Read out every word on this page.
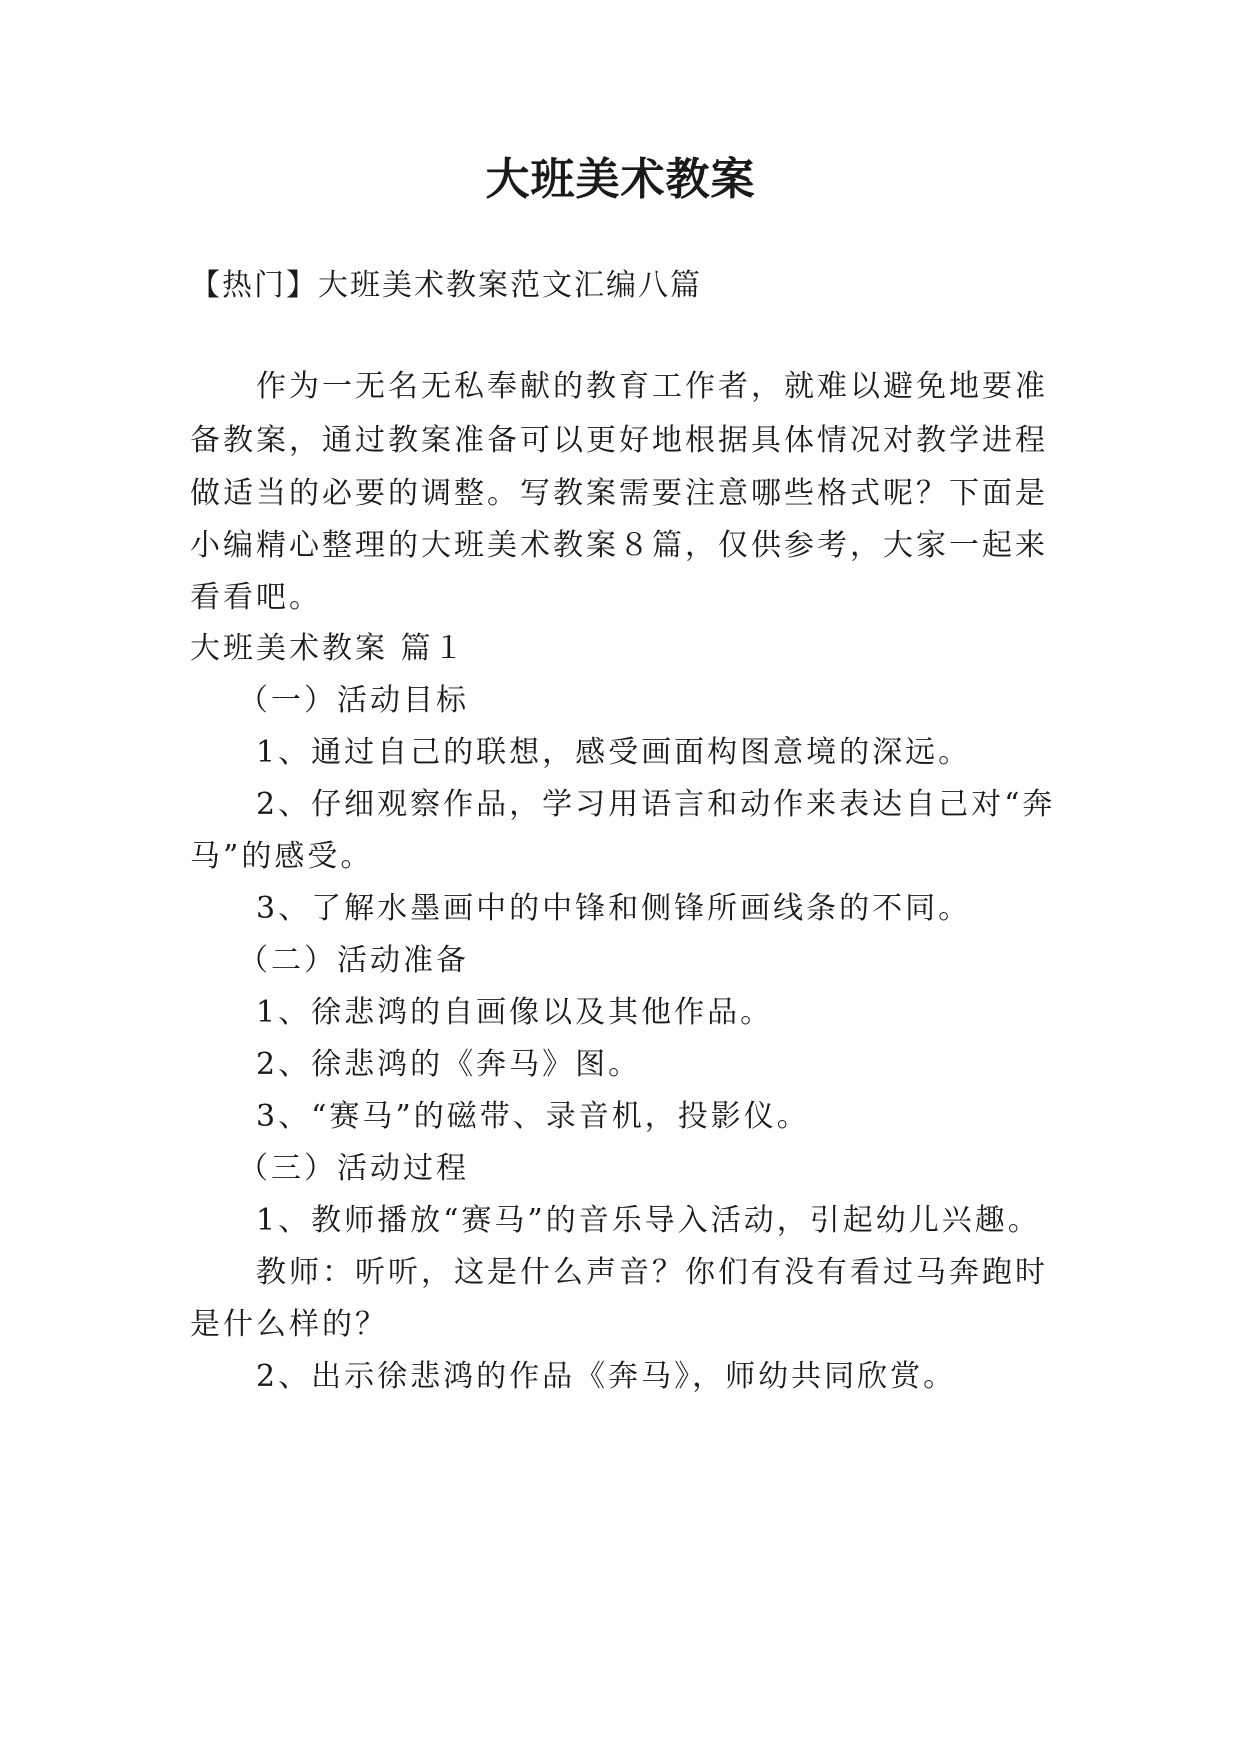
大班美术教案

【热门】大班美术教案范文汇编八篇

作为一无名无私奉献的教育工作者，就难以避免地要准

备教案，通过教案准备可以更好地根据具体情况对教学进程

做适当的必要的调整。写教案需要注意哪些格式呢？下面是

小编精心整理的大班美术教案８篇，仅供参考，大家一起来

看看吧。

大班美术教案 篇１

（一）活动目标

1、通过自己的联想，感受画面构图意境的深远。

2、仔细观察作品，学习用语言和动作来表达自己对“奔

马”的感受。

3、了解水墨画中的中锋和侧锋所画线条的不同。

（二）活动准备

1、徐悲鸿的自画像以及其他作品。

2、徐悲鸿的《奔马》图。

3、“赛马”的磁带、录音机，投影仪。

（三）活动过程

1、教师播放“赛马”的音乐导入活动，引起幼儿兴趣。

教师：听听，这是什么声音？你们有没有看过马奔跑时

是什么样的？

2、出示徐悲鸿的作品《奔马》，师幼共同欣赏。
